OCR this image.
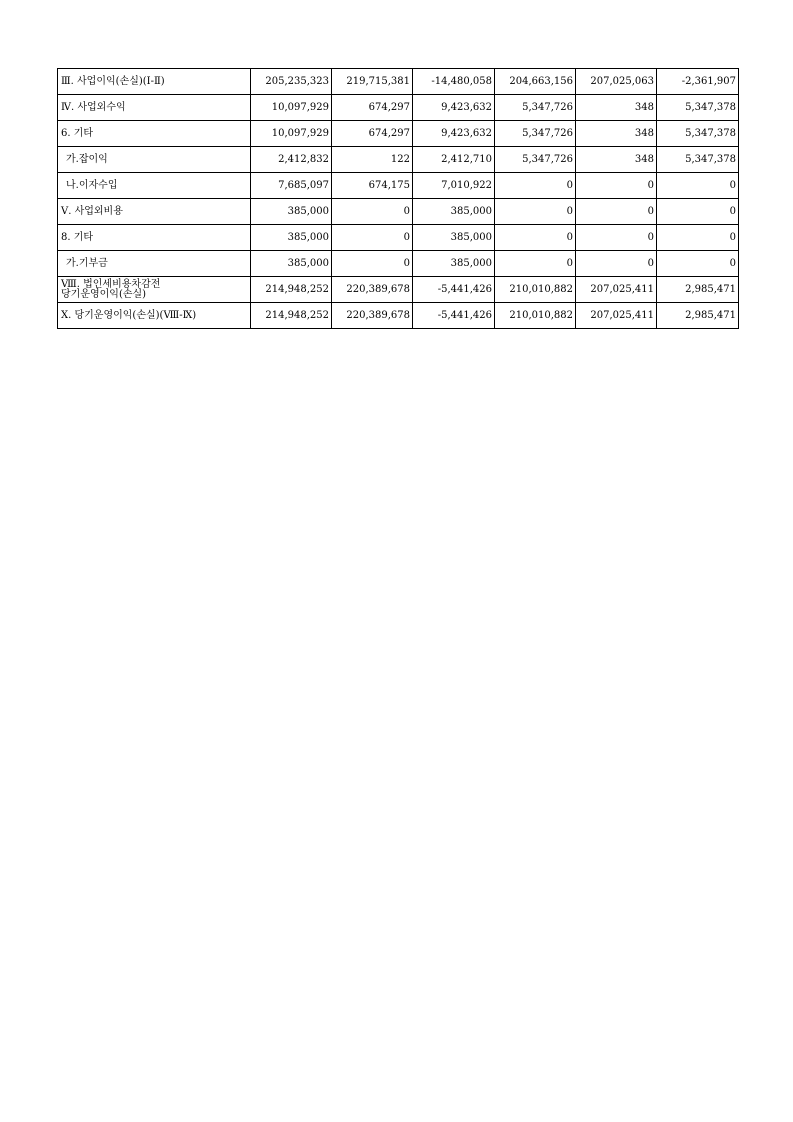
Ⅲ. 사업이익(손실)(Ⅰ-Ⅱ)	205,235,323	219,715,381	-14,480,058	204,663,156	207,025,063	-2,361,907
Ⅳ. 사업외수익	10,097,929	674,297	9,423,632	5,347,726	348	5,347,378
6. 기타	10,097,929	674,297	9,423,632	5,347,726	348	5,347,378
가.잡이익	2,412,832	122	2,412,710	5,347,726	348	5,347,378
나.이자수입	7,685,097	674,175	7,010,922	0	0	0
Ⅴ. 사업외비용	385,000	0	385,000	0	0	0
8. 기타	385,000	0	385,000	0	0	0
가.기부금	385,000	0	385,000	0	0	0

Ⅷ. 법인세비용차감전
당기운영이익(손실)	214,948,252	220,389,678	-5,441,426	210,010,882	207,025,411	2,985,471
Ⅹ. 당기운영이익(손실)(Ⅷ-Ⅸ)	214,948,252	220,389,678	-5,441,426	210,010,882	207,025,411	2,985,471
